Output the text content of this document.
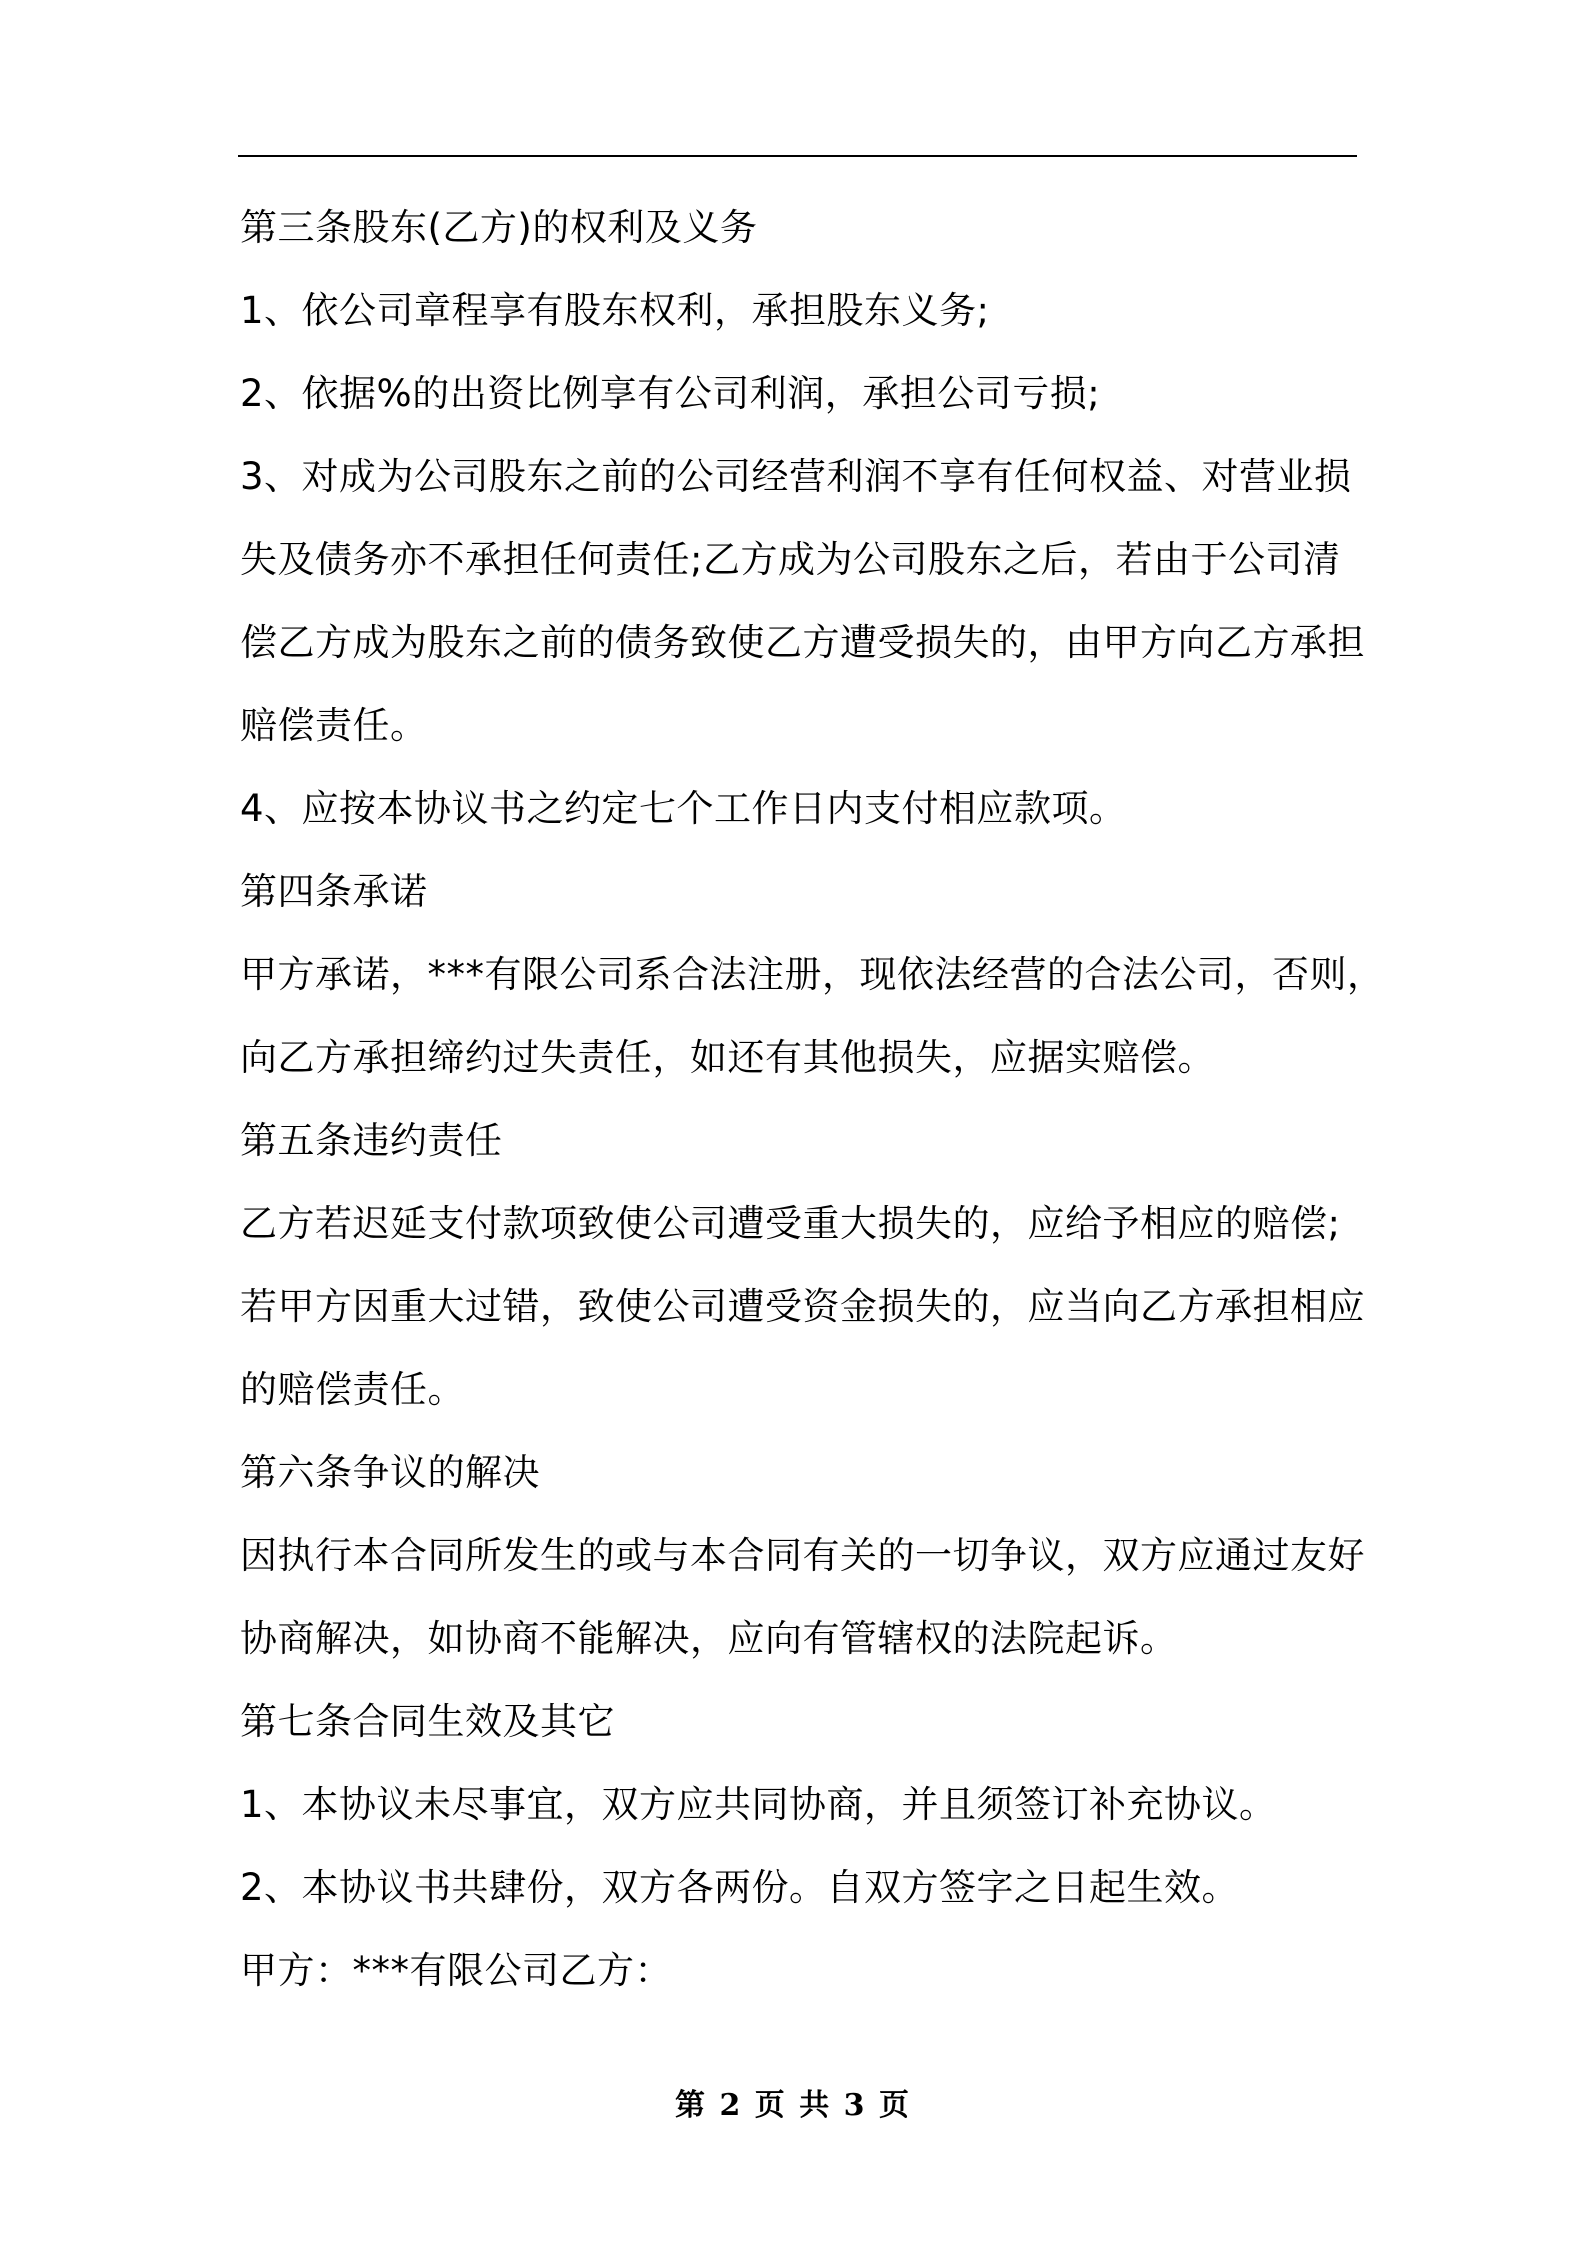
第三条股东(乙方)的权利及义务
1、依公司章程享有股东权利，承担股东义务;
2、依据%的出资比例享有公司利润，承担公司亏损;
3、对成为公司股东之前的公司经营利润不享有任何权益、对营业损
失及债务亦不承担任何责任;乙方成为公司股东之后，若由于公司清
偿乙方成为股东之前的债务致使乙方遭受损失的，由甲方向乙方承担
赔偿责任。
4、应按本协议书之约定七个工作日内支付相应款项。
第四条承诺
甲方承诺，***有限公司系合法注册，现依法经营的合法公司，否则，
向乙方承担缔约过失责任，如还有其他损失，应据实赔偿。
第五条违约责任
乙方若迟延支付款项致使公司遭受重大损失的，应给予相应的赔偿;
若甲方因重大过错，致使公司遭受资金损失的，应当向乙方承担相应
的赔偿责任。
第六条争议的解决
因执行本合同所发生的或与本合同有关的一切争议，双方应通过友好
协商解决，如协商不能解决，应向有管辖权的法院起诉。
第七条合同生效及其它
1、本协议未尽事宜，双方应共同协商，并且须签订补充协议。
2、本协议书共肆份，双方各两份。自双方签字之日起生效。
甲方：***有限公司乙方：
第 2 页 共 3 页
